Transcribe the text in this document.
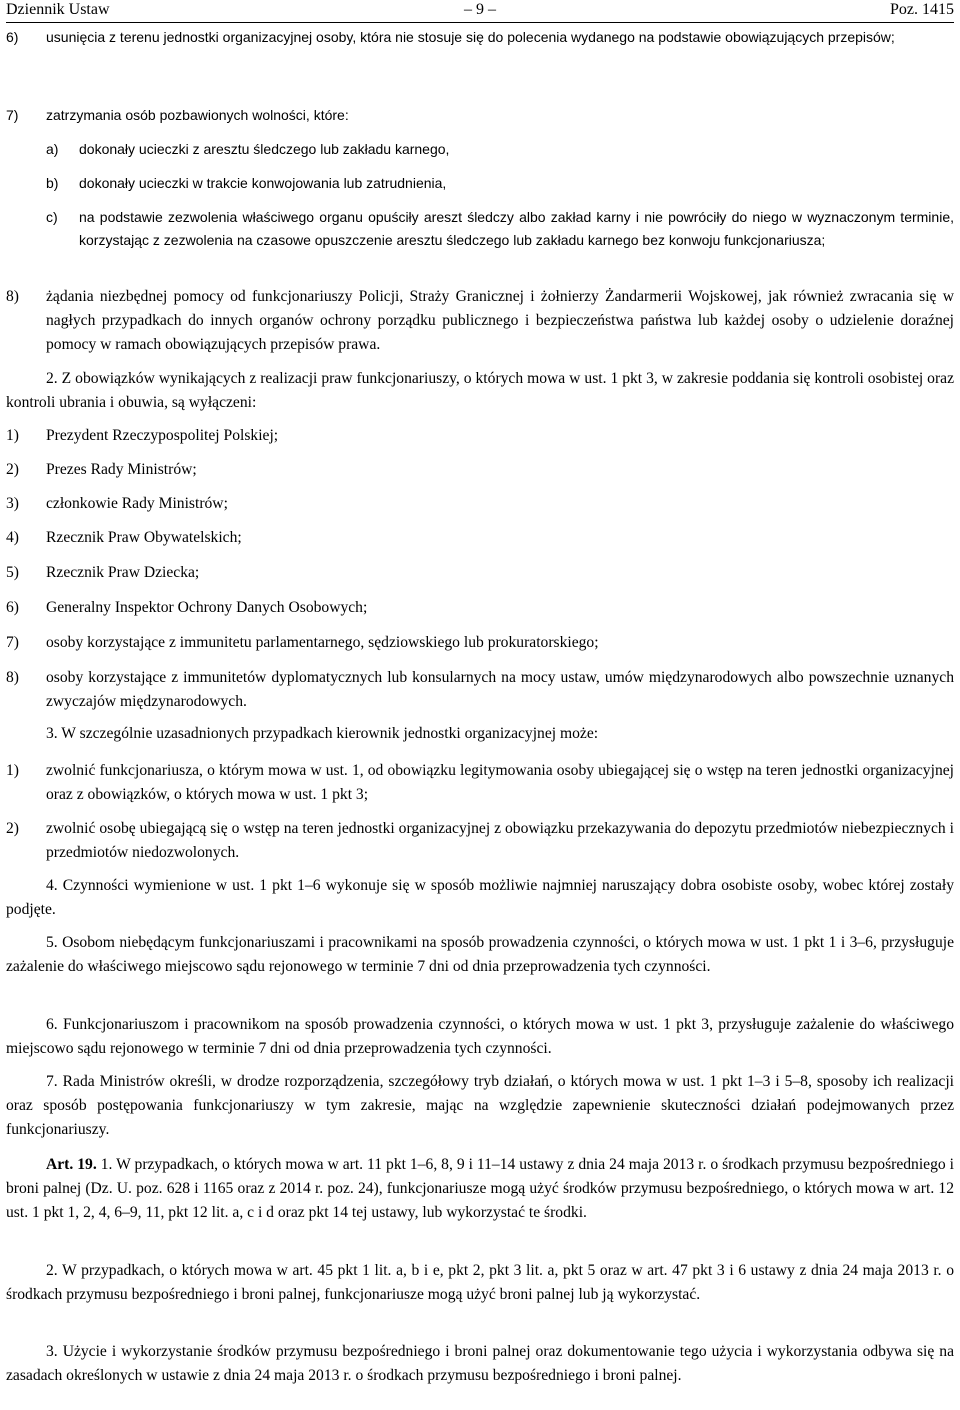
– 9 –
Dziennik Ustaw	Poz. 1415
6) usunięcia z terenu jednostki organizacyjnej osoby, która nie stosuje się do polecenia wydanego na podstawie obowiązujących przepisów;
7) zatrzymania osób pozbawionych wolności, które:
a) dokonały ucieczki z aresztu śledczego lub zakładu karnego,
b) dokonały ucieczki w trakcie konwojowania lub zatrudnienia,
c) na podstawie zezwolenia właściwego organu opuściły areszt śledczy albo zakład karny i nie powróciły do niego w wyznaczonym terminie, korzystając z zezwolenia na czasowe opuszczenie aresztu śledczego lub zakładu karnego bez konwoju funkcjonariusza;
8) żądania niezbędnej pomocy od funkcjonariuszy Policji, Straży Granicznej i żołnierzy Żandarmerii Wojskowej, jak również zwracania się w nagłych przypadkach do innych organów ochrony porządku publicznego i bezpieczeństwa państwa lub każdej osoby o udzielenie doraźnej pomocy w ramach obowiązujących przepisów prawa.
2. Z obowiązków wynikających z realizacji praw funkcjonariuszy, o których mowa w ust. 1 pkt 3, w zakresie poddania się kontroli osobistej oraz kontroli ubrania i obuwia, są wyłączeni:
1) Prezydent Rzeczypospolitej Polskiej;
2) Prezes Rady Ministrów;
3) członkowie Rady Ministrów;
4) Rzecznik Praw Obywatelskich;
5) Rzecznik Praw Dziecka;
6) Generalny Inspektor Ochrony Danych Osobowych;
7) osoby korzystające z immunitetu parlamentarnego, sędziowskiego lub prokuratorskiego;
8) osoby korzystające z immunitetów dyplomatycznych lub konsularnych na mocy ustaw, umów międzynarodowych albo powszechnie uznanych zwyczajów międzynarodowych.
3. W szczególnie uzasadnionych przypadkach kierownik jednostki organizacyjnej może:
1) zwolnić funkcjonariusza, o którym mowa w ust. 1, od obowiązku legitymowania osoby ubiegającej się o wstęp na teren jednostki organizacyjnej oraz z obowiązków, o których mowa w ust. 1 pkt 3;
2) zwolnić osobę ubiegającą się o wstęp na teren jednostki organizacyjnej z obowiązku przekazywania do depozytu przedmiotów niebezpiecznych i przedmiotów niedozwolonych.
4. Czynności wymienione w ust. 1 pkt 1–6 wykonuje się w sposób możliwie najmniej naruszający dobra osobiste osoby, wobec której zostały podjęte.
5. Osobom niebędącym funkcjonariuszami i pracownikami na sposób prowadzenia czynności, o których mowa w ust. 1 pkt 1 i 3–6, przysługuje zażalenie do właściwego miejscowo sądu rejonowego w terminie 7 dni od dnia przeprowadzenia tych czynności.
6. Funkcjonariuszom i pracownikom na sposób prowadzenia czynności, o których mowa w ust. 1 pkt 3, przysługuje zażalenie do właściwego miejscowo sądu rejonowego w terminie 7 dni od dnia przeprowadzenia tych czynności.
7. Rada Ministrów określi, w drodze rozporządzenia, szczegółowy tryb działań, o których mowa w ust. 1 pkt 1–3 i 5–8, sposoby ich realizacji oraz sposób postępowania funkcjonariuszy w tym zakresie, mając na względzie zapewnienie skuteczności działań podejmowanych przez funkcjonariuszy.
Art. 19. 1. W przypadkach, o których mowa w art. 11 pkt 1–6, 8, 9 i 11–14 ustawy z dnia 24 maja 2013 r. o środkach przymusu bezpośredniego i broni palnej (Dz. U. poz. 628 i 1165 oraz z 2014 r. poz. 24), funkcjonariusze mogą użyć środków przymusu bezpośredniego, o których mowa w art. 12 ust. 1 pkt 1, 2, 4, 6–9, 11, pkt 12 lit. a, c i d oraz pkt 14 tej ustawy, lub wykorzystać te środki.
2. W przypadkach, o których mowa w art. 45 pkt 1 lit. a, b i e, pkt 2, pkt 3 lit. a, pkt 5 oraz w art. 47 pkt 3 i 6 ustawy z dnia 24 maja 2013 r. o środkach przymusu bezpośredniego i broni palnej, funkcjonariusze mogą użyć broni palnej lub ją wykorzystać.
3. Użycie i wykorzystanie środków przymusu bezpośredniego i broni palnej oraz dokumentowanie tego użycia i wykorzystania odbywa się na zasadach określonych w ustawie z dnia 24 maja 2013 r. o środkach przymusu bezpośredniego i broni palnej.
